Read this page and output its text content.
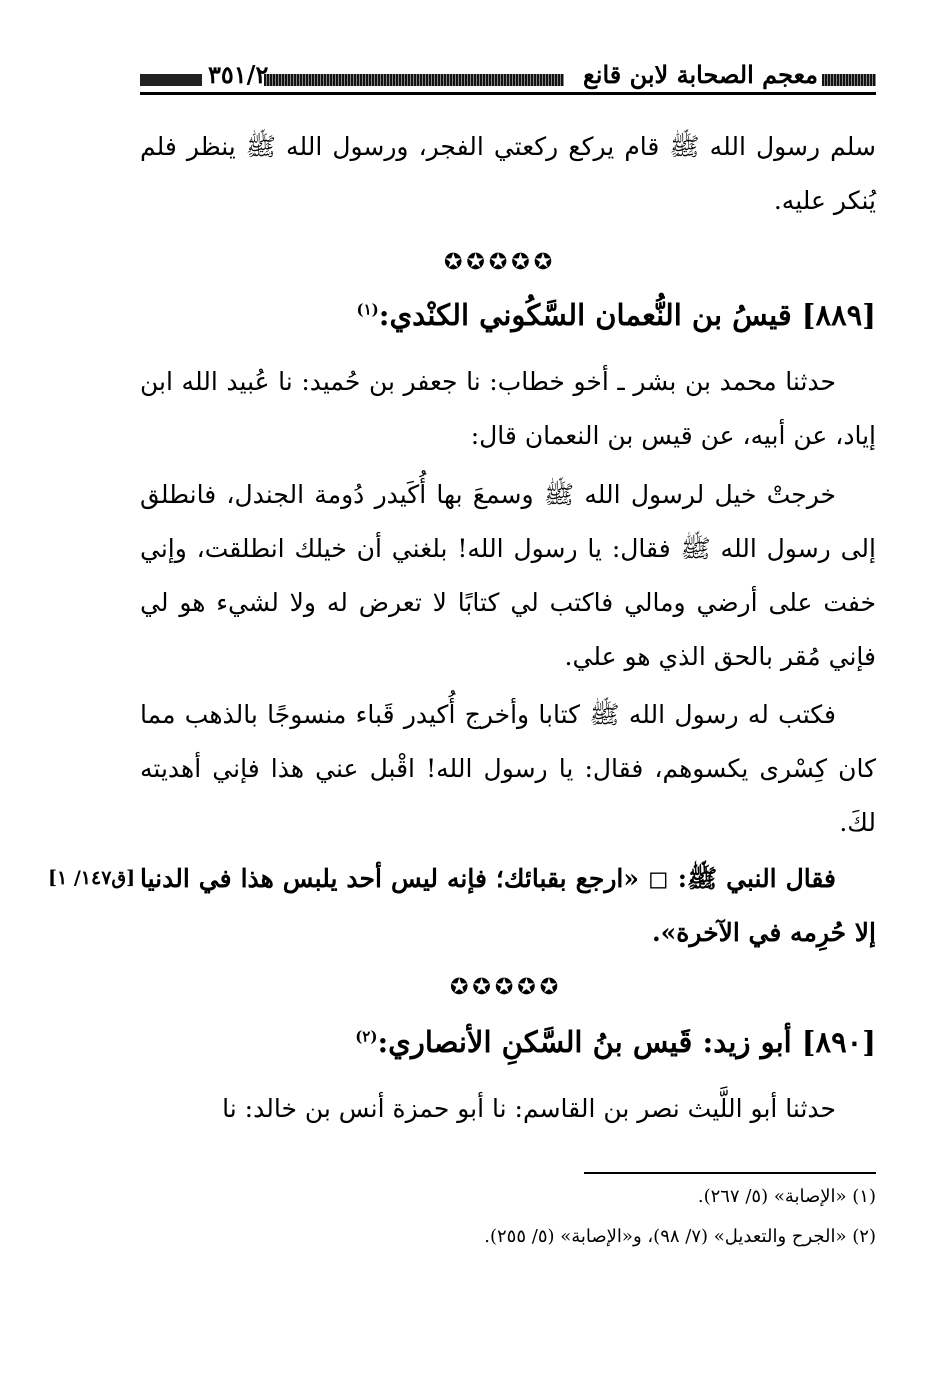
معجم الصحابة لابن قانع
٣٥١/٢
سلم رسول الله ﷺ قام يركع ركعتي الفجر، ورسول الله ﷺ ينظر فلم يُنكر عليه.
✪✪✪✪✪
[٨٨٩] قيسُ بن النُّعمان السَّكُوني الكنْدي:$^{(١)}$
حدثنا محمد بن بشر ـ أخو خطاب: نا جعفر بن حُميد: نا عُبيد الله ابن إياد، عن أبيه، عن قيس بن النعمان قال:
خرجتْ خيل لرسول الله ﷺ وسمعَ بها أُكَيدر دُومة الجندل، فانطلق إلى رسول الله ﷺ فقال: يا رسول الله! بلغني أن خيلك انطلقت، وإني خفت على أرضي ومالي فاكتب لي كتابًا لا تعرض له ولا لشيء هو لي فإني مُقر بالحق الذي هو علي.
فكتب له رسول الله ﷺ كتابا وأخرج أُكيدر قَباء منسوجًا بالذهب مما كان كِسْرى يكسوهم، فقال: يا رسول الله! اقْبل عني هذا فإني أهديته لكَ.
فقال النبي ﷺ: ◻ «ارجع بقبائك؛ فإنه ليس أحد يلبس هذا في الدنيا إلا حُرِمه في الآخرة».
[ق١٤٧/ ١]
✪✪✪✪✪
[٨٩٠] أبو زيد: قَيس بنُ السَّكنِ الأنصاري:$^{(٢)}$
حدثنا أبو اللَّيث نصر بن القاسم: نا أبو حمزة أنس بن خالد: نا
(١) «الإصابة» (٥/ ٢٦٧).
(٢) «الجرح والتعديل» (٧/ ٩٨)، و«الإصابة» (٥/ ٢٥٥).
